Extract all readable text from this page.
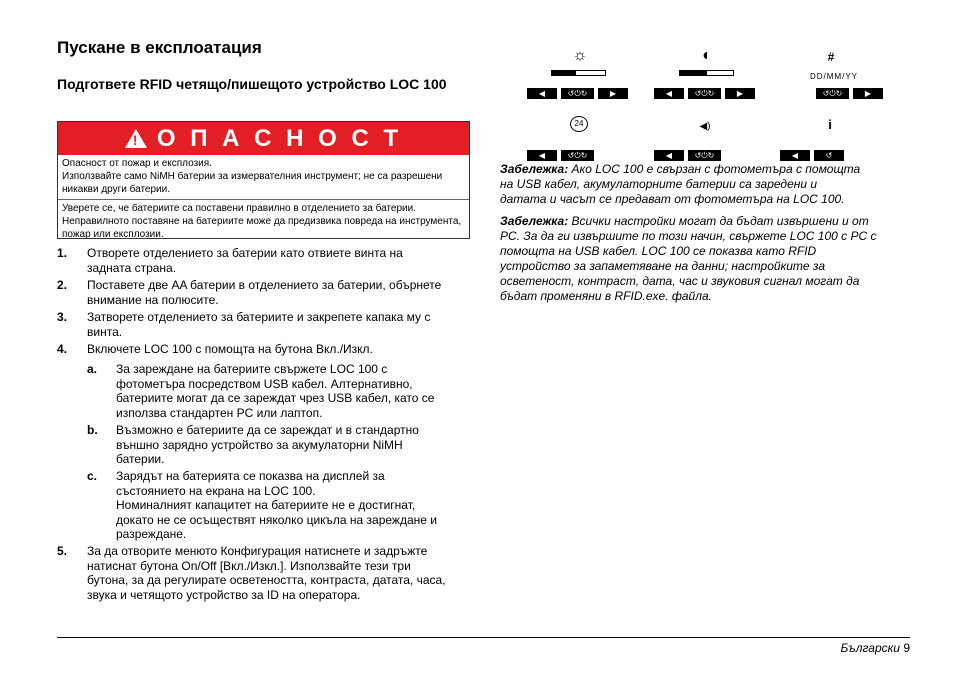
Пускане в експлоатация
Подгответе RFID четящо/пишещото устройство LOC 100
! О П А С Н О С Т
Опасност от пожар и експлозия.
Използвайте само NiMH батерии за измервателния инструмент; не са разрешени никакви други батерии.
Уверете се, че батериите са поставени правилно в отделението за батерии. Неправилното поставяне на батериите може да предизвика повреда на инструмента, пожар или експлозии.
1. Отворете отделението за батерии като отвиете винта на
задната страна.
2. Поставете две AA батерии в отделението за батерии, обърнете
внимание на полюсите.
3. Затворете отделението за батериите и закрепете капака му с
винта.
4. Включете LOC 100 с помощта на бутона Вкл./Изкл.
a. За зареждане на батериите свържете LOC 100 с
фотометъра посредством USB кабел. Алтернативно,
батериите могат да се зареждат чрез USB кабел, като се
използва стандартен PC или лаптоп.
b. Възможно е батериите да се зареждат и в стандартно
външно зарядно устройство за акумулаторни NiMH
батерии.
c. Зарядът на батерията се показва на дисплей за
състоянието на екрана на LOC 100.
Номиналният капацитет на батериите не е достигнат,
докато не се осъществят няколко цикъла на зареждане и
разреждане.
5. За да отворите менюто Конфигурация натиснете и задръжте
натиснат бутона On/Off [Вкл./Изкл.]. Използвайте тези три
бутона, за да регулирате осветеността, контраста, датата, часа,
звука и четящото устройство за ID на оператора.
☼	◐	#
DD/MM/YY
◀	↺⏻↻	▶	◀	↺⏻↻	▶	↺⏻↻	▶
24	◀)	i
◀	↺⏻↻	◀	↺⏻↻	◀	↺
Забележка: Ако LOC 100 е свързан с фотометъра с помощта
на USB кабел, акумулаторните батерии са заредени и
датата и часът се предават от фотометъра на LOC 100.
Забележка: Всички настройки могат да бъдат извършени и от
PC. За да ги извършите по този начин, свържете LOC 100 с PC с
помощта на USB кабел. LOC 100 се показва като RFID
устройство за запаметяване на данни; настройките за
осветеност, контраст, дата, час и звуковия сигнал могат да
бъдат променяни в RFID.exe. файла.
Български 9
